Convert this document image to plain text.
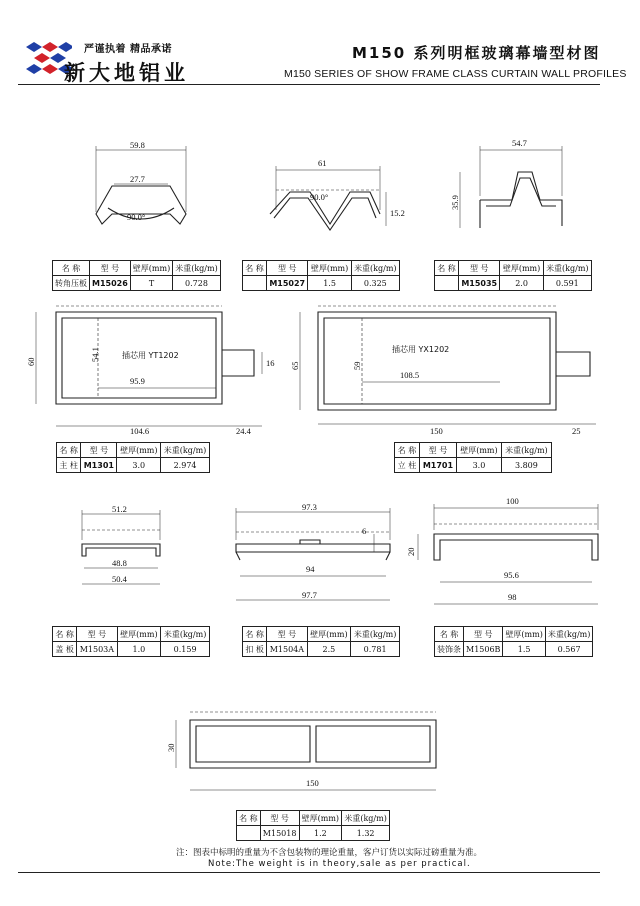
严谨执着 精品承诺
新大地铝业
M150 系列明框玻璃幕墙型材图
M150 SERIES OF SHOW FRAME CLASS CURTAIN WALL PROFILES
59.8
27.7
90.0°
61
90.0°
15.2
54.7
35.9
60	54.1
95.9
16
104.6	24.4
插芯用 YT1202
65	59
108.5
150	25
插芯用 YX1202
51.2
48.8
50.4
97.3
6
94
97.7
100
20
95.6
98
30
150
名 称	型 号	壁厚(mm)	米重(kg/m)
转角压板	M15026	T	0.728
名 称	型 号	壁厚(mm)	米重(kg/m)
	M15027	1.5	0.325
名 称	型 号	壁厚(mm)	米重(kg/m)
	M15035	2.0	0.591
名 称	型 号	壁厚(mm)	米重(kg/m)
主 柱	M1301	3.0	2.974
名 称	型 号	壁厚(mm)	米重(kg/m)
立 柱	M1701	3.0	3.809
名 称	型 号	壁厚(mm)	米重(kg/m)
盖 板	M1503A	1.0	0.159
名 称	型 号	壁厚(mm)	米重(kg/m)
扣 板	M1504A	2.5	0.781
名 称	型 号	壁厚(mm)	米重(kg/m)
装饰条	M1506B	1.5	0.567
名 称	型 号	壁厚(mm)	米重(kg/m)
	M15018	1.2	1.32
注：图表中标明的重量为不含包装物的理论重量，客户订货以实际过磅重量为准。
Note:The weight is in theory,sale as per practical.
